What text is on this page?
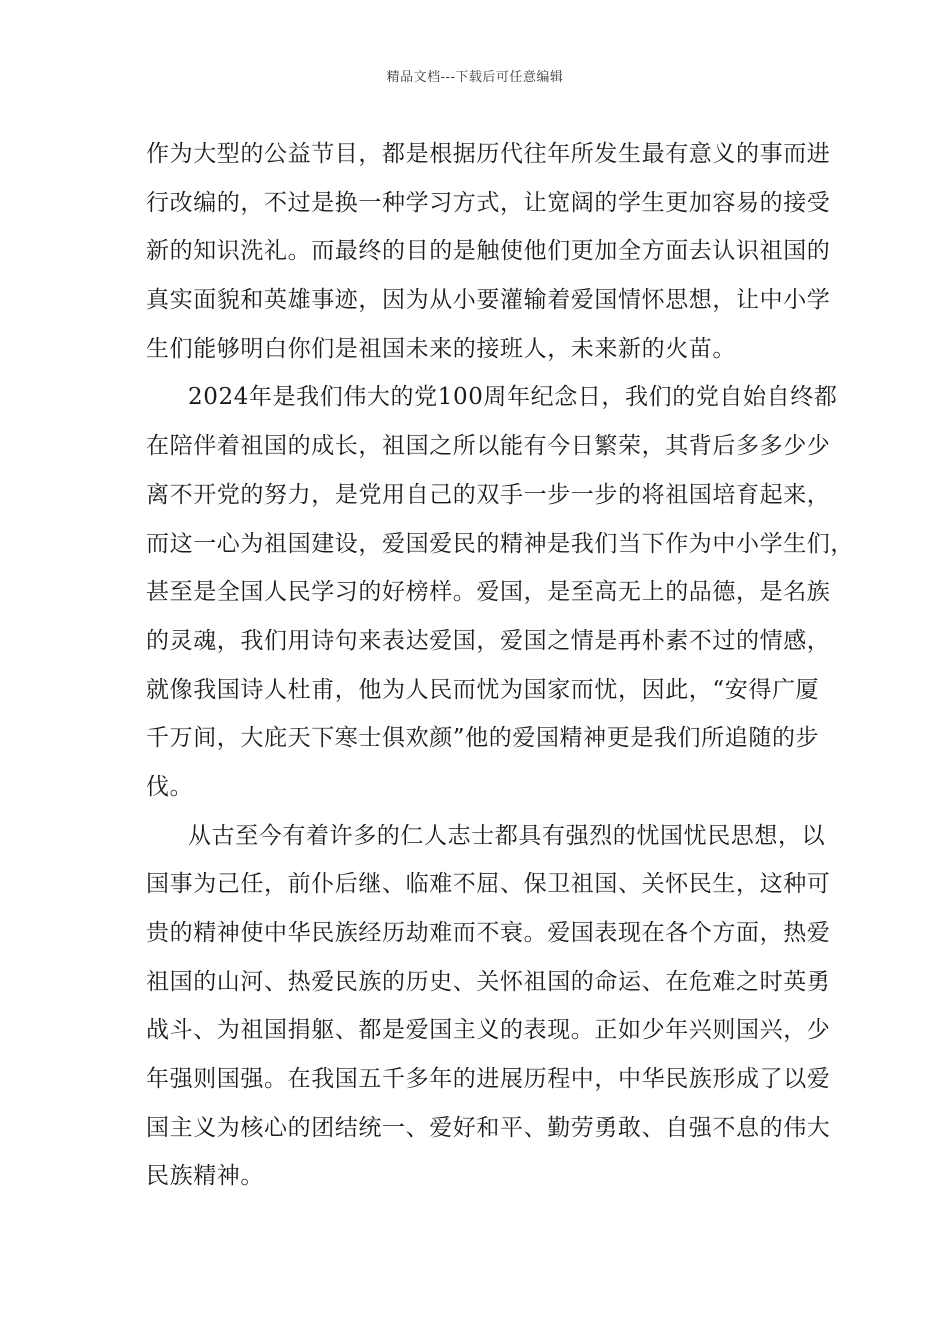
精品文档---下载后可任意编辑
作为大型的公益节目，都是根据历代往年所发生最有意义的事而进
行改编的，不过是换一种学习方式，让宽阔的学生更加容易的接受
新的知识洗礼。而最终的目的是触使他们更加全方面去认识祖国的
真实面貌和英雄事迹，因为从小要灌输着爱国情怀思想，让中小学
生们能够明白你们是祖国未来的接班人，未来新的火苗。
2024年是我们伟大的党100周年纪念日，我们的党自始自终都
在陪伴着祖国的成长，祖国之所以能有今日繁荣，其背后多多少少
离不开党的努力，是党用自己的双手一步一步的将祖国培育起来，
而这一心为祖国建设，爱国爱民的精神是我们当下作为中小学生们，
甚至是全国人民学习的好榜样。爱国，是至高无上的品德，是名族
的灵魂，我们用诗句来表达爱国，爱国之情是再朴素不过的情感，
就像我国诗人杜甫，他为人民而忧为国家而忧，因此，“安得广厦
千万间，大庇天下寒士俱欢颜”他的爱国精神更是我们所追随的步
伐。
从古至今有着许多的仁人志士都具有强烈的忧国忧民思想，以
国事为己任，前仆后继、临难不屈、保卫祖国、关怀民生，这种可
贵的精神使中华民族经历劫难而不衰。爱国表现在各个方面，热爱
祖国的山河、热爱民族的历史、关怀祖国的命运、在危难之时英勇
战斗、为祖国捐躯、都是爱国主义的表现。正如少年兴则国兴，少
年强则国强。在我国五千多年的进展历程中，中华民族形成了以爱
国主义为核心的团结统一、爱好和平、勤劳勇敢、自强不息的伟大
民族精神。
